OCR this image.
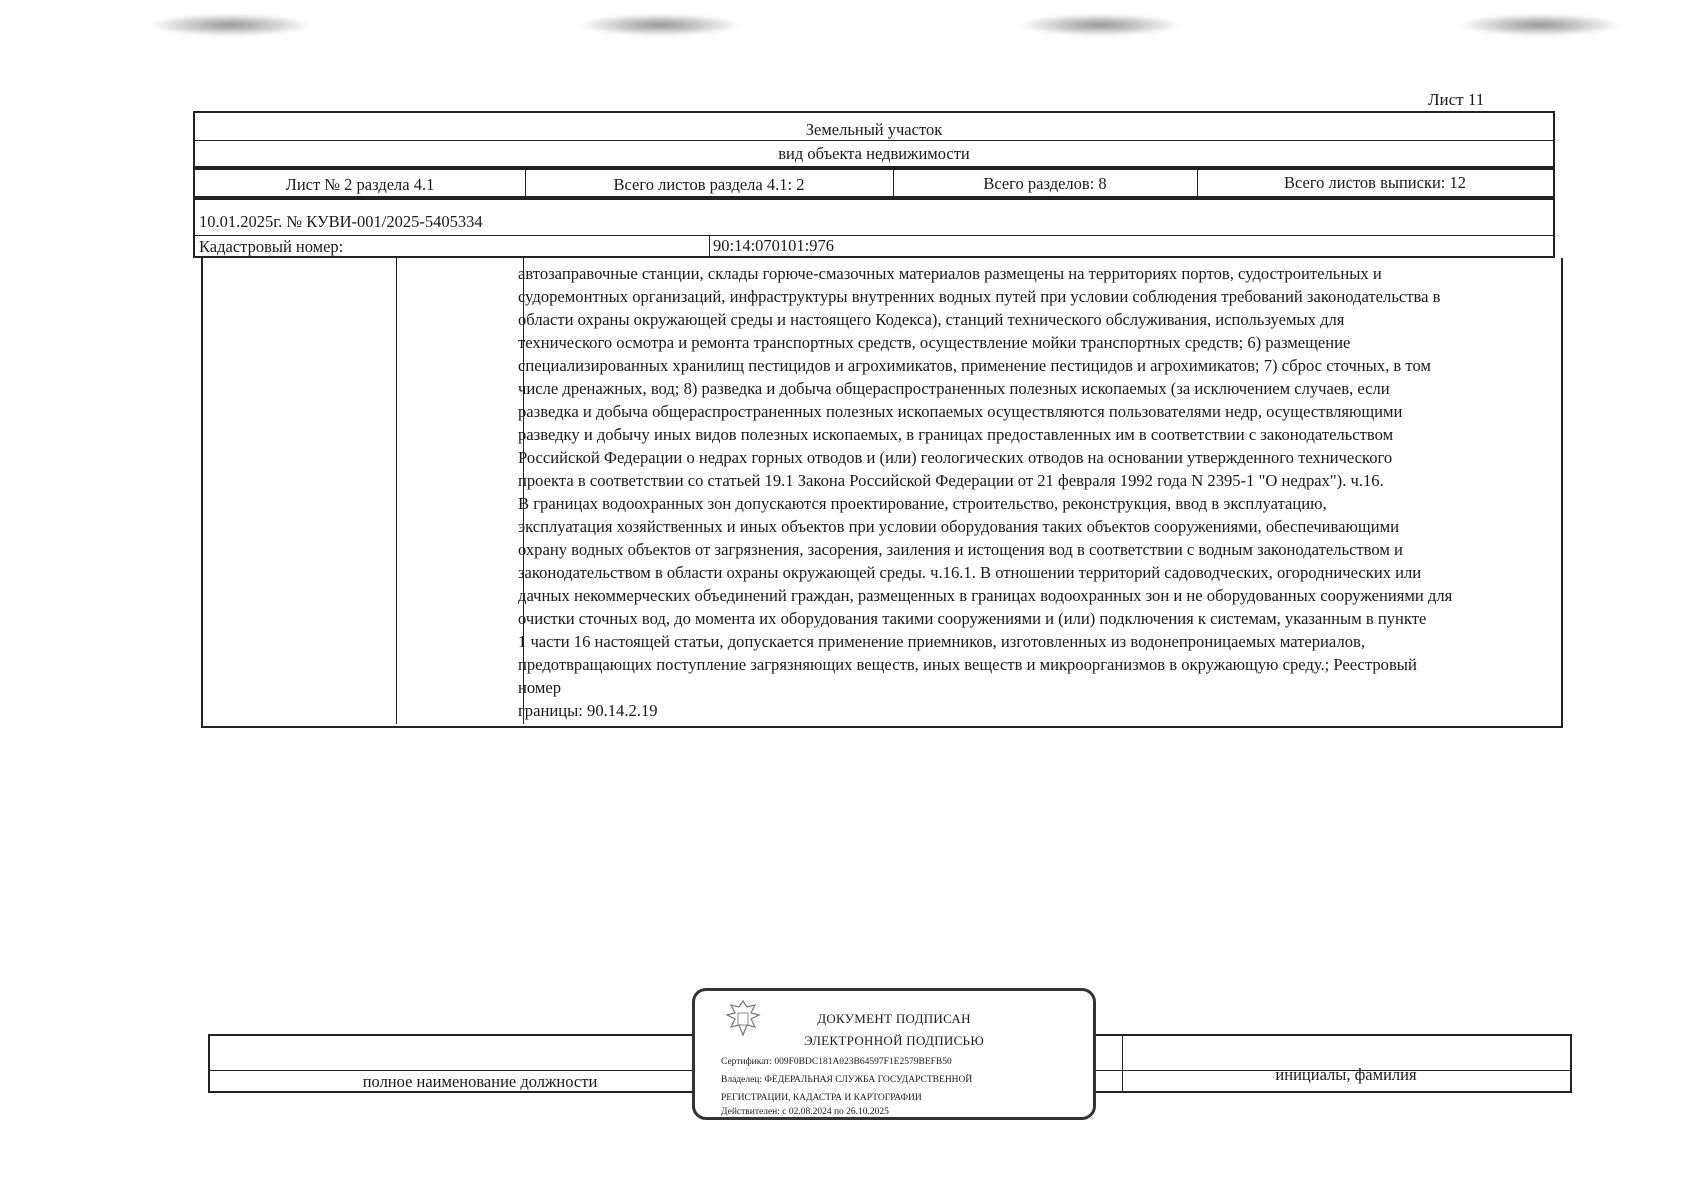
Лист 11
Земельный участок
вид объекта недвижимости
Лист № 2 раздела 4.1	Всего листов раздела 4.1: 2	Всего разделов: 8	Всего листов выписки: 12
10.01.2025г. № КУВИ-001/2025-5405334
Кадастровый номер:	90:14:070101:976

автозаправочные станции, склады горюче-смазочных материалов размещены на территориях портов, судостроительных и

судоремонтных организаций, инфраструктуры внутренних водных путей при условии соблюдения требований законодательства в

области охраны окружающей среды и настоящего Кодекса), станций технического обслуживания, используемых для

технического осмотра и ремонта транспортных средств, осуществление мойки транспортных средств; 6) размещение

специализированных хранилищ пестицидов и агрохимикатов, применение пестицидов и агрохимикатов; 7) сброс сточных, в том

числе дренажных, вод; 8) разведка и добыча общераспространенных полезных ископаемых (за исключением случаев, если

разведка и добыча общераспространенных полезных ископаемых осуществляются пользователями недр, осуществляющими

разведку и добычу иных видов полезных ископаемых, в границах предоставленных им в соответствии с законодательством

Российской Федерации о недрах горных отводов и (или) геологических отводов на основании утвержденного технического

проекта в соответствии со статьей 19.1 Закона Российской Федерации от 21 февраля 1992 года N 2395-1 "О недрах"). ч.16.

В границах водоохранных зон допускаются проектирование, строительство, реконструкция, ввод в эксплуатацию,

эксплуатация хозяйственных и иных объектов при условии оборудования таких объектов сооружениями, обеспечивающими

охрану водных объектов от загрязнения, засорения, заиления и истощения вод в соответствии с водным законодательством и

законодательством в области охраны окружающей среды. ч.16.1. В отношении территорий садоводческих, огороднических или

дачных некоммерческих объединений граждан, размещенных в границах водоохранных зон и не оборудованных сооружениями для

очистки сточных вод, до момента их оборудования такими сооружениями и (или) подключения к системам, указанным в пункте

1 части 16 настоящей статьи, допускается применение приемников, изготовленных из водонепроницаемых материалов,

предотвращающих поступление загрязняющих веществ, иных веществ и микроорганизмов в окружающую среду.; Реестровый

номер

границы: 90.14.2.19

полное наименование должности	инициалы, фамилия
ДОКУМЕНТ ПОДПИСАН
ЭЛЕКТРОННОЙ ПОДПИСЬЮ
Сертификат: 009F0BDC181A023B64597F1E2579BEFB50
Владелец: ФЕДЕРАЛЬНАЯ СЛУЖБА ГОСУДАРСТВЕННОЙ
РЕГИСТРАЦИИ, КАДАСТРА И КАРТОГРАФИИ
Действителен: с 02.08.2024 по 26.10.2025
